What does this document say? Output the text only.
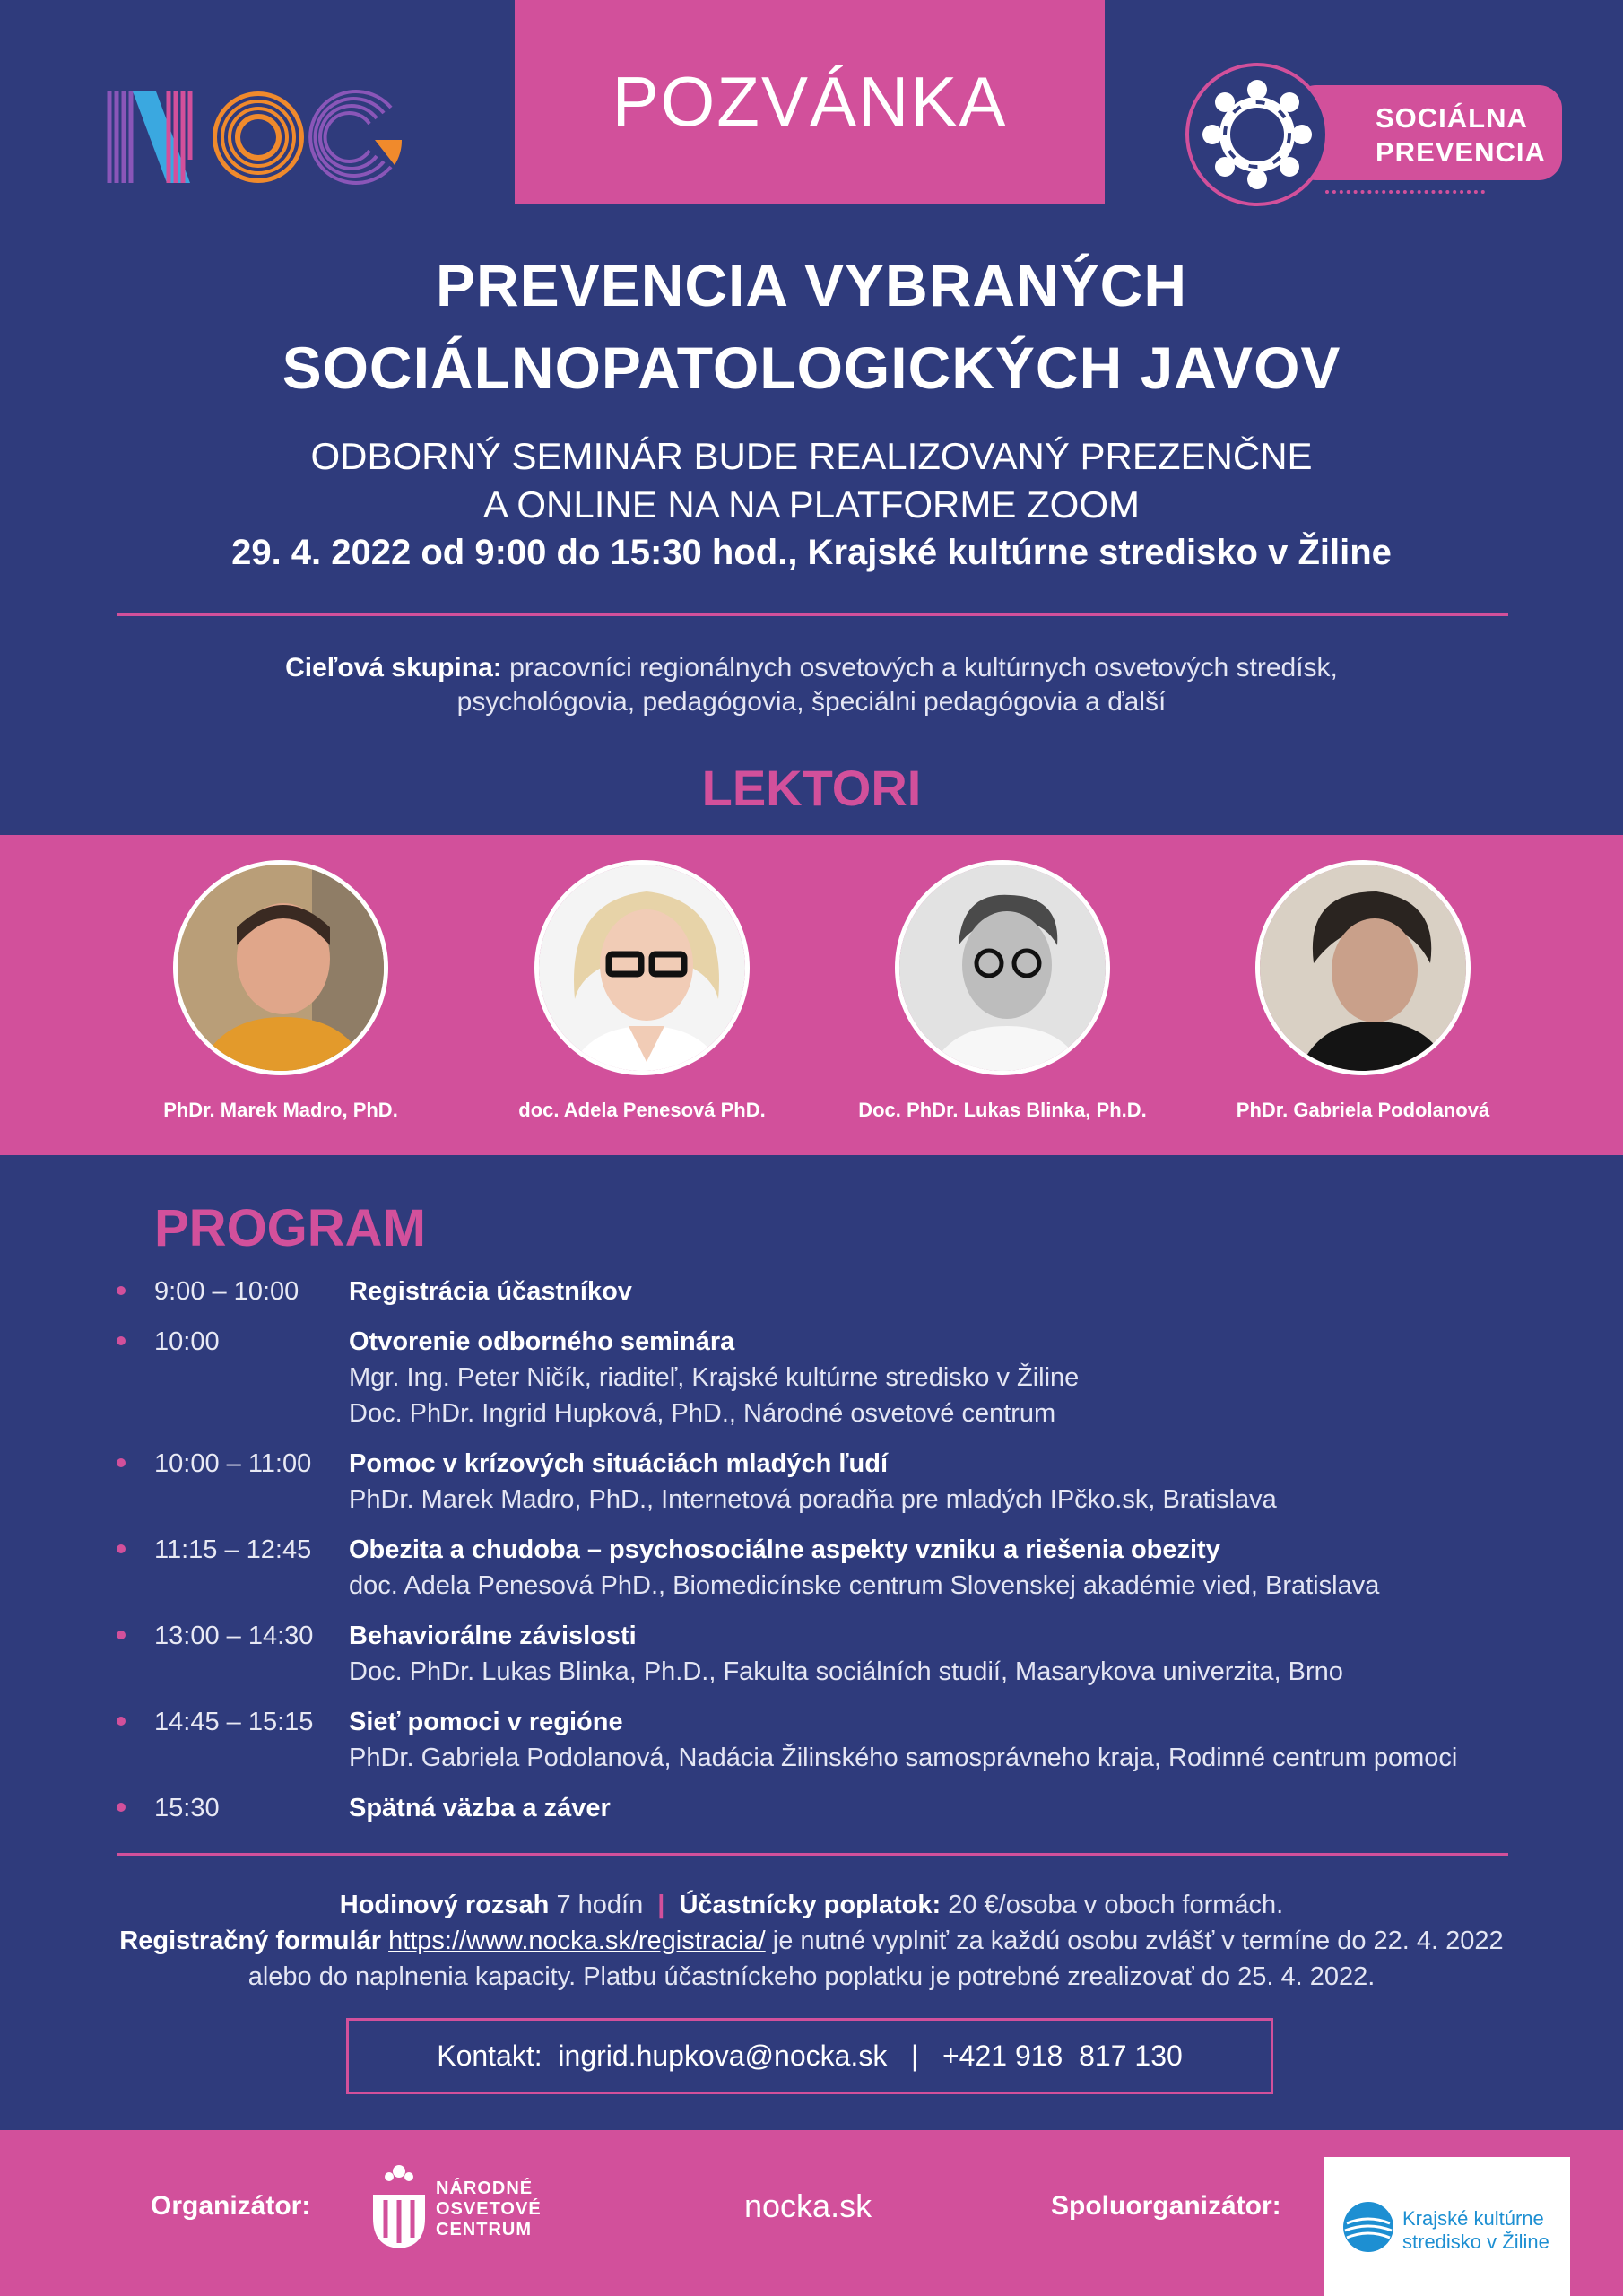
POZVÁNKA	SOCIÁLNA
PREVENCIA
PREVENCIA VYBRANÝCH
SOCIÁLNOPATOLOGICKÝCH JAVOV
ODBORNÝ SEMINÁR BUDE REALIZOVANÝ PREZENČNE
A ONLINE NA NA PLATFORME ZOOM
29. 4. 2022 od 9:00 do 15:30 hod., Krajské kultúrne stredisko v Žiline
Cieľová skupina: pracovníci regionálnych osvetových a kultúrnych osvetových stredísk,
psychológovia, pedagógovia, špeciálni pedagógovia a ďalší
LEKTORI
PhDr. Marek Madro, PhD.	doc. Adela Penesová PhD.	Doc. PhDr. Lukas Blinka, Ph.D.	PhDr. Gabriela Podolanová
PROGRAM
9:00 – 10:00 Registrácia účastníkov
10:00	Otvorenie odborného seminára
Mgr. Ing. Peter Ničík, riaditeľ, Krajské kultúrne stredisko v Žiline
Doc. PhDr. Ingrid Hupková, PhD., Národné osvetové centrum
10:00 – 11:00 Pomoc v krízových situáciách mladých ľudí
PhDr. Marek Madro, PhD., Internetová poradňa pre mladých IPčko.sk, Bratislava
11:15 – 12:45 Obezita a chudoba – psychosociálne aspekty vzniku a riešenia obezity
doc. Adela Penesová PhD., Biomedicínske centrum Slovenskej akadémie vied, Bratislava
13:00 – 14:30 Behaviorálne závislosti
Doc. PhDr. Lukas Blinka, Ph.D., Fakulta sociálních studií, Masarykova univerzita, Brno
14:45 – 15:15 Sieť pomoci v regióne
PhDr. Gabriela Podolanová, Nadácia Žilinského samosprávneho kraja, Rodinné centrum pomoci
15:30	Spätná väzba a záver
Hodinový rozsah 7 hodín | Účastnícky poplatok: 20 €/osoba v oboch formách.
Registračný formulár https://www.nocka.sk/registracia/ je nutné vyplniť za každú osobu zvlášť v termíne do 22. 4. 2022
alebo do naplnenia kapacity. Platbu účastníckeho poplatku je potrebné zrealizovať do 25. 4. 2022.
Kontakt:  ingrid.hupkova@nocka.sk   |   +421 918  817 130
Organizátor:
NÁRODNÉ
OSVETOVÉ
CENTRUM
nocka.sk	Spoluorganizátor:	Krajské kultúrne
stredisko v Žiline
